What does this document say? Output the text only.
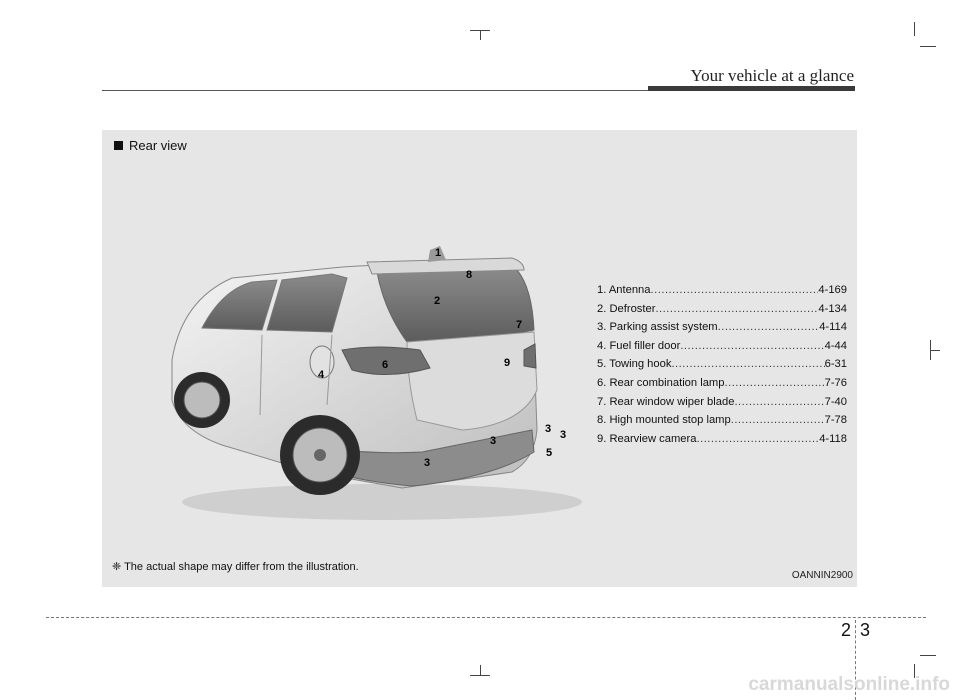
Your vehicle at a glance
Rear view
1
8
2
7
6	9
4
3
3 3
3
5
1. Antenna .....	4-169
2. Defroster .....	4-134
3. Parking assist system .....	4-114
4. Fuel filler door .....	4-44
5. Towing hook .....	6-31
6. Rear combination lamp .....	7-76
7. Rear window wiper blade .....	7-40
8. High mounted stop lamp .....	7-78
9. Rearview camera .....	4-118
❈ The actual shape may differ from the illustration.
OANNIN2900
2 3
carmanualsonline.info
